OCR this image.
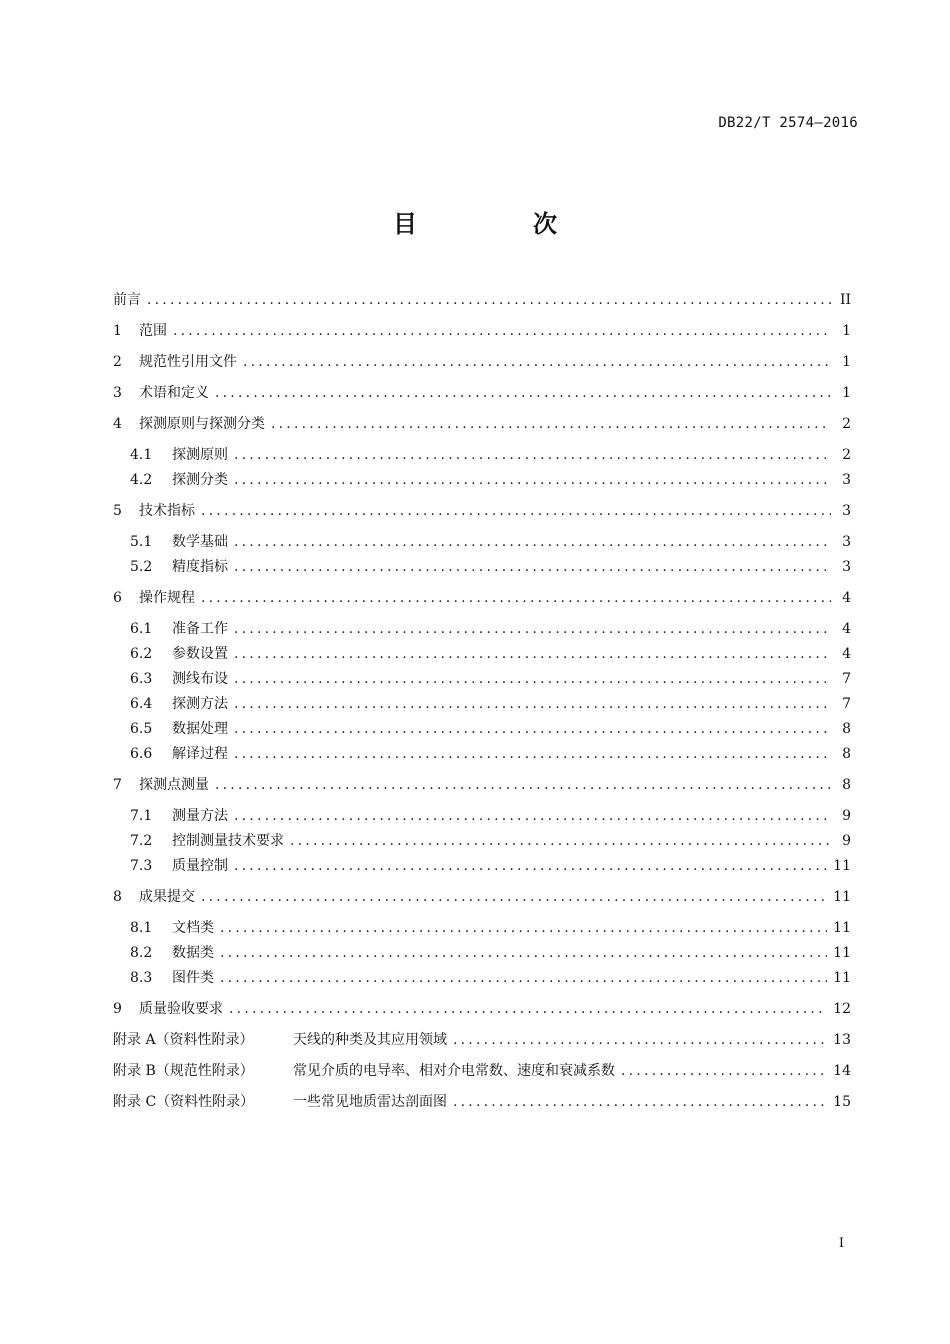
DB22/T 2574—2016
目　次
前言 .....	II
1	范围 .....	1
2	规范性引用文件 .....	1
3	术语和定义 .....	1
4	探测原则与探测分类 .....	2
4.1	探测原则 .....	2
4.2	探测分类 .....	3
5	技术指标 .....	3
5.1	数学基础 .....	3
5.2	精度指标 .....	3
6	操作规程 .....	4
6.1	准备工作 .....	4
6.2	参数设置 .....	4
6.3	测线布设 .....	7
6.4	探测方法 .....	7
6.5	数据处理 .....	8
6.6	解译过程 .....	8
7	探测点测量 .....	8
7.1	测量方法 .....	9
7.2	控制测量技术要求 .....	9
7.3	质量控制 .....	11
8	成果提交 .....	11
8.1	文档类 .....	11
8.2	数据类 .....	11
8.3	图件类 .....	11
9	质量验收要求 .....	12
附录 A（资料性附录）	天线的种类及其应用领域 .....	13
附录 B（规范性附录）	常见介质的电导率、相对介电常数、速度和衰减系数 .....	14
附录 C（资料性附录）	一些常见地质雷达剖面图 .....	15
I
